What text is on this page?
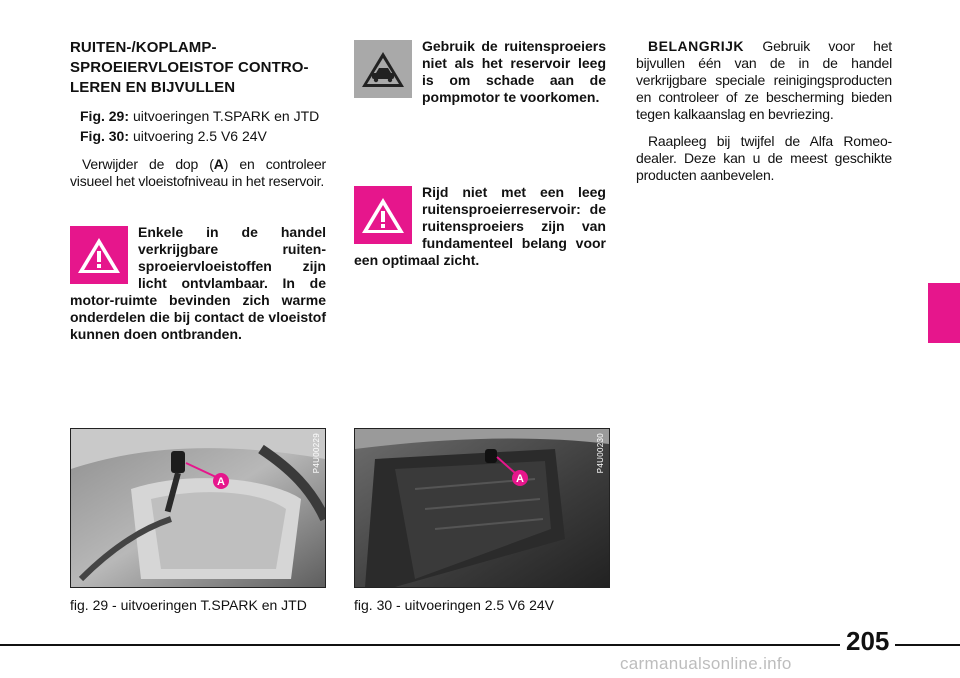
RUITEN-/KOPLAMP-SPROEIERVLOEISTOF CONTRO-LEREN EN BIJVULLEN

Fig. 29: uitvoeringen T.SPARK en JTD

Fig. 30: uitvoering 2.5 V6 24V

Verwijder de dop (A) en controleer visueel het vloeistofniveau in het reservoir.

Enkele in de handel verkrijgbare ruiten-sproeiervloeistoffen zijn licht ontvlambaar. In de motor-ruimte bevinden zich warme onderdelen die bij contact de vloeistof kunnen doen ontbranden.

Gebruik de ruitensproeiers niet als het reservoir leeg is om schade aan de pompmotor te voorkomen.

Rijd niet met een leeg ruitensproeierreservoir: de ruitensproeiers zijn van fundamenteel belang voor een optimaal zicht.

BELANGRIJK Gebruik voor het bijvullen één van de in de handel verkrijgbare speciale reinigingsproducten en controleer of ze bescherming bieden tegen kalkaanslag en bevriezing.

Raapleeg bij twijfel de Alfa Romeo-dealer. Deze kan u de meest geschikte producten aanbevelen.

A
P4U00229
fig. 29 - uitvoeringen T.SPARK en JTD
A
P4U00230
fig. 30 - uitvoeringen 2.5 V6 24V
205
carmanualsonline.info
